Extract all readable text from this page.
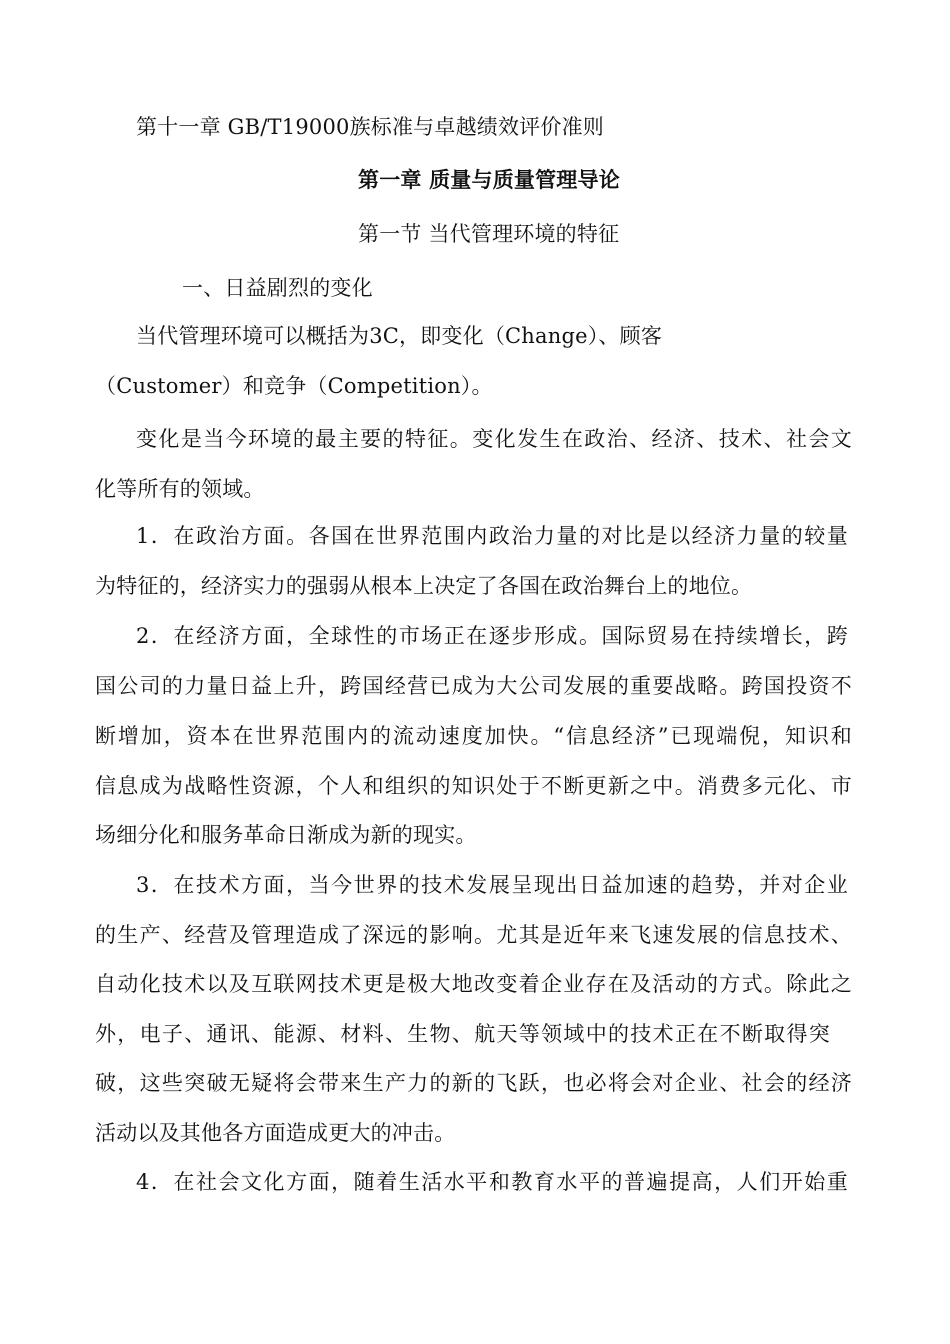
第十一章 GB/T19000族标准与卓越绩效评价准则
第一章 质量与质量管理导论
第一节 当代管理环境的特征
一、日益剧烈的变化
当代管理环境可以概括为3C，即变化（Change）、顾客
（Customer）和竞争（Competition）。
变化是当今环境的最主要的特征。变化发生在政治、经济、技术、社会文
化等所有的领域。
1．在政治方面。各国在世界范围内政治力量的对比是以经济力量的较量
为特征的，经济实力的强弱从根本上决定了各国在政治舞台上的地位。
2．在经济方面，全球性的市场正在逐步形成。国际贸易在持续增长，跨
国公司的力量日益上升，跨国经营已成为大公司发展的重要战略。跨国投资不
断增加，资本在世界范围内的流动速度加快。“信息经济”已现端倪，知识和
信息成为战略性资源，个人和组织的知识处于不断更新之中。消费多元化、市
场细分化和服务革命日渐成为新的现实。
3．在技术方面，当今世界的技术发展呈现出日益加速的趋势，并对企业
的生产、经营及管理造成了深远的影响。尤其是近年来飞速发展的信息技术、
自动化技术以及互联网技术更是极大地改变着企业存在及活动的方式。除此之
外，电子、通讯、能源、材料、生物、航天等领域中的技术正在不断取得突
破，这些突破无疑将会带来生产力的新的飞跃，也必将会对企业、社会的经济
活动以及其他各方面造成更大的冲击。
4．在社会文化方面，随着生活水平和教育水平的普遍提高，人们开始重
